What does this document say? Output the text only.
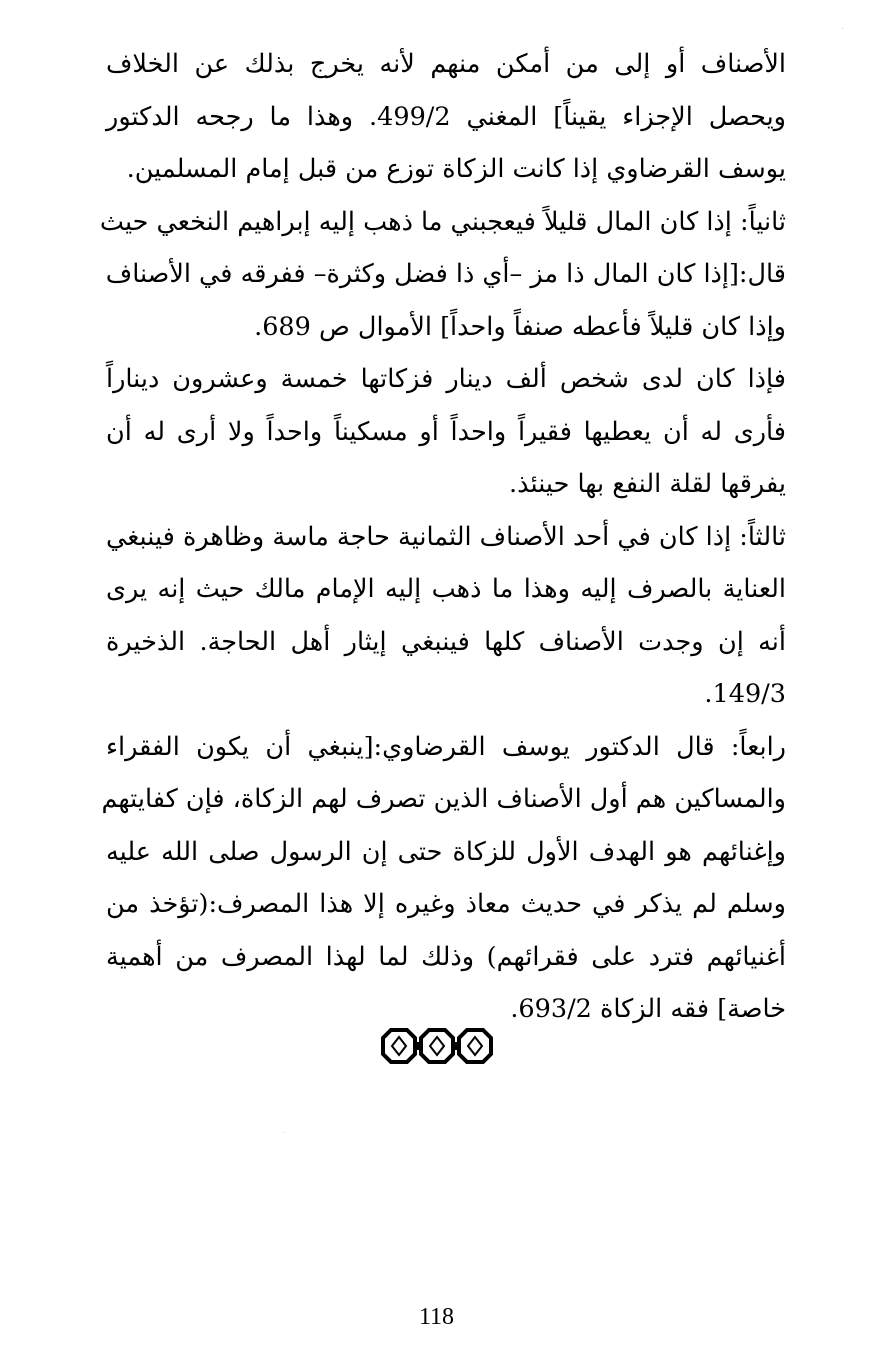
الأصناف أو إلى من أمكن منهم لأنه يخرج بذلك عن الخلاف
ويحصل الإجزاء يقيناً] المغني 499/2. وهذا ما رجحه الدكتور
يوسف القرضاوي إذا كانت الزكاة توزع من قبل إمام المسلمين.

ثانياً: إذا كان المال قليلاً فيعجبني ما ذهب إليه إبراهيم النخعي حيث
قال:[إذا كان المال ذا مز –أي ذا فضل وكثرة– ففرقه في الأصناف
وإذا كان قليلاً فأعطه صنفاً واحداً] الأموال ص 689.

فإذا كان لدى شخص ألف دينار فزكاتها خمسة وعشرون ديناراً
فأرى له أن يعطيها فقيراً واحداً أو مسكيناً واحداً ولا أرى له أن
يفرقها لقلة النفع بها حينئذ.

ثالثاً: إذا كان في أحد الأصناف الثمانية حاجة ماسة وظاهرة فينبغي
العناية بالصرف إليه وهذا ما ذهب إليه الإمام مالك حيث إنه يرى
أنه إن وجدت الأصناف كلها فينبغي إيثار أهل الحاجة. الذخيرة
149/3.

رابعاً: قال الدكتور يوسف القرضاوي:[ينبغي أن يكون الفقراء
والمساكين هم أول الأصناف الذين تصرف لهم الزكاة، فإن كفايتهم
وإغنائهم هو الهدف الأول للزكاة حتى إن الرسول صلى الله عليه
وسلم لم يذكر في حديث معاذ وغيره إلا هذا المصرف:(تؤخذ من
أغنيائهم فترد على فقرائهم) وذلك لما لهذا المصرف من أهمية
خاصة] فقه الزكاة 693/2.

118
